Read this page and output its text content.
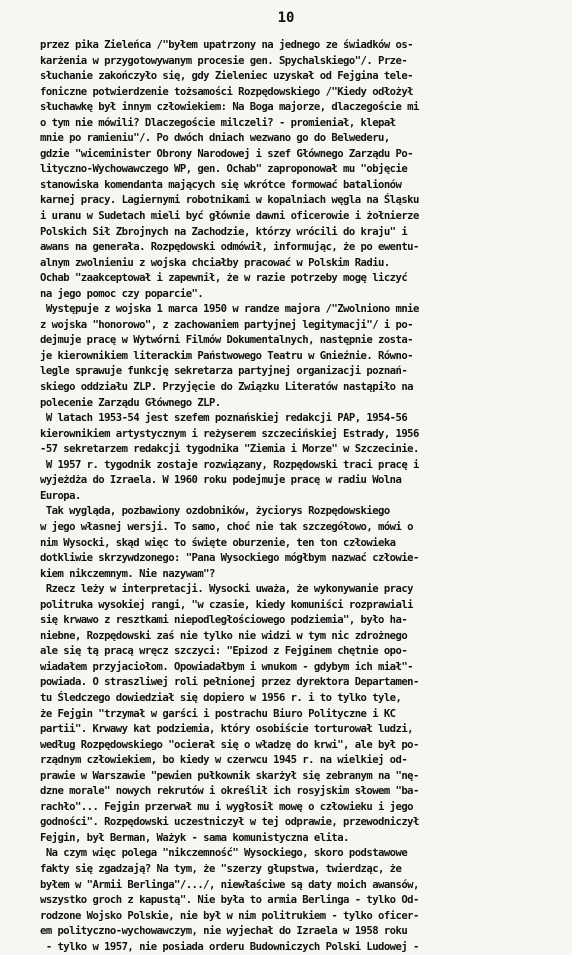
10
przez pika Zieleńca /"byłem upatrzony na jednego ze świadków os-
karżenia w przygotowywanym procesie gen. Spychalskiego"/. Prze-
słuchanie zakończyło się, gdy Zieleniec uzyskał od Fejgina tele-
foniczne potwierdzenie tożsamości Rozpędowskiego /"Kiedy odłożył
słuchawkę był innym człowiekiem: Na Boga majorze, dlaczegoście mi
o tym nie mówili? Dlaczegoście milczeli? - promieniał, klepał
mnie po ramieniu"/. Po dwóch dniach wezwano go do Belwederu,
gdzie "wiceminister Obrony Narodowej i szef Głównego Zarządu Po-
lityczno-Wychowawczego WP, gen. Ochab" zaproponował mu "objęcie
stanowiska komendanta mających się wkrótce formować batalionów
karnej pracy. Lagiernymi robotnikami w kopalniach węgla na Śląsku
i uranu w Sudetach mieli być głównie dawni oficerowie i żołnierze
Polskich Sił Zbrojnych na Zachodzie, którzy wrócili do kraju" i
awans na generała. Rozpędowski odmówił, informując, że po ewentu-
alnym zwolnieniu z wojska chciałby pracować w Polskim Radiu.
Ochab "zaakceptował i zapewnił, że w razie potrzeby mogę liczyć
na jego pomoc czy poparcie".
Występuje z wojska 1 marca 1950 w randze majora /"Zwolniono mnie
z wojska "honorowo", z zachowaniem partyjnej legitymacji"/ i po-
dejmuje pracę w Wytwórni Filmów Dokumentalnych, następnie zosta-
je kierownikiem literackim Państwowego Teatru w Gnieźnie. Równo-
legle sprawuje funkcję sekretarza partyjnej organizacji poznań-
skiego oddziału ZLP. Przyjęcie do Związku Literatów nastąpiło na
polecenie Zarządu Głównego ZLP.
W latach 1953-54 jest szefem poznańskiej redakcji PAP, 1954-56
kierownikiem artystycznym i reżyserem szczecińskiej Estrady, 1956
-57 sekretarzem redakcji tygodnika "Ziemia i Morze" w Szczecinie.
W 1957 r. tygodnik zostaje rozwiązany, Rozpędowski traci pracę i
wyjeżdża do Izraela. W 1960 roku podejmuje pracę w radiu Wolna
Europa.
Tak wygląda, pozbawiony ozdobników, życiorys Rozpędowskiego
w jego własnej wersji. To samo, choć nie tak szczegółowo, mówi o
nim Wysocki, skąd więc to święte oburzenie, ten ton człowieka
dotkliwie skrzywdzonego: "Pana Wysockiego mógłbym nazwać człowie-
kiem nikczemnym. Nie nazywam"?
Rzecz leży w interpretacji. Wysocki uważa, że wykonywanie pracy
politruka wysokiej rangi, "w czasie, kiedy komuniści rozprawiali
się krwawo z resztkami niepodległościowego podziemia", było ha-
niebne, Rozpędowski zaś nie tylko nie widzi w tym nic zdrożnego
ale się tą pracą wręcz szczyci: "Epizod z Fejginem chętnie opo-
wiadałem przyjaciołom. Opowiadałbym i wnukom - gdybym ich miał"-
powiada. O straszliwej roli pełnionej przez dyrektora Departamen-
tu Śledczego dowiedział się dopiero w 1956 r. i to tylko tyle,
że Fejgin "trzymał w garści i postrachu Biuro Polityczne i KC
partii". Krwawy kat podziemia, który osobiście torturował ludzi,
według Rozpędowskiego "ocierał się o władzę do krwi", ale był po-
rządnym człowiekiem, bo kiedy w czerwcu 1945 r. na wielkiej od-
prawie w Warszawie "pewien pułkownik skarżył się zebranym na "nę-
dzne morale" nowych rekrutów i określił ich rosyjskim słowem "ba-
rachło"... Fejgin przerwał mu i wygłosił mowę o człowieku i jego
godności". Rozpędowski uczestniczył w tej odprawie, przewodniczył
Fejgin, był Berman, Ważyk - sama komunistyczna elita.
Na czym więc polega "nikczemność" Wysockiego, skoro podstawowe
fakty się zgadzają? Na tym, że "szerzy głupstwa, twierdząc, że
byłem w "Armii Berlinga"/.../, niewłaściwe są daty moich awansów,
wszystko groch z kapustą". Nie była to armia Berlinga - tylko Od-
rodzone Wojsko Polskie, nie był w nim politrukiem - tylko oficer-
em polityczno-wychowawczym, nie wyjechał do Izraela w 1958 roku
- tylko w 1957, nie posiada orderu Budowniczych Polski Ludowej -
